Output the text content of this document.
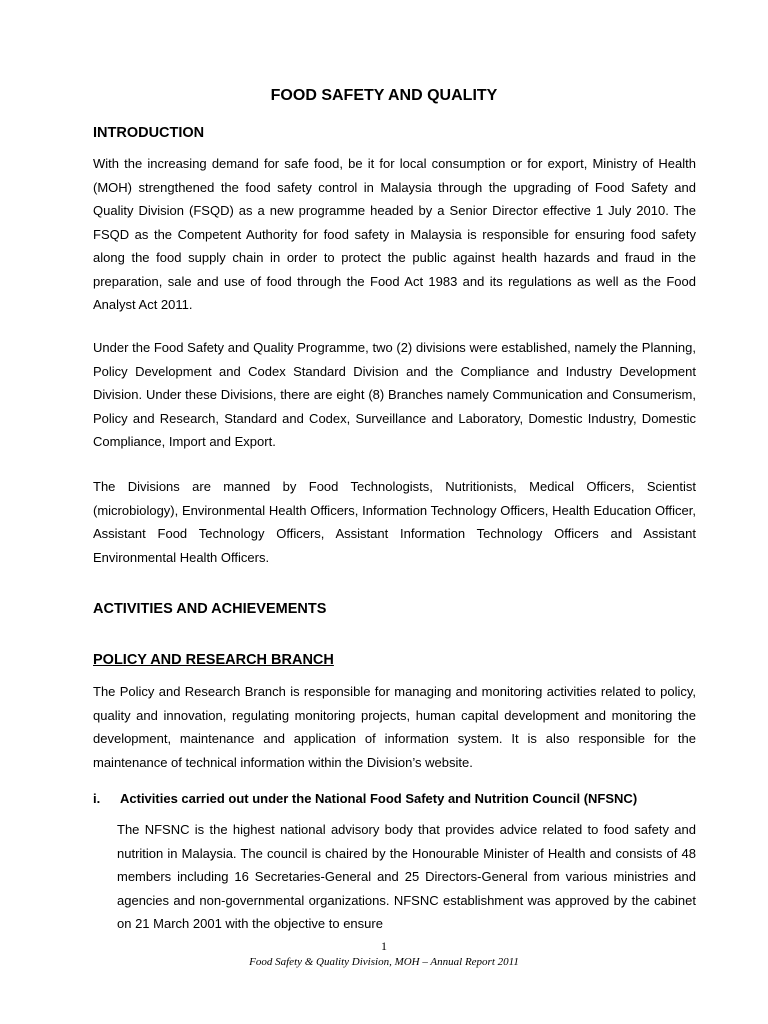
FOOD SAFETY AND QUALITY
INTRODUCTION

With the increasing demand for safe food, be it for local consumption or for export, Ministry of Health (MOH) strengthened the food safety control in Malaysia through the upgrading of Food Safety and Quality Division (FSQD) as a new programme headed by a Senior Director effective 1 July 2010. The FSQD as the Competent Authority for food safety in Malaysia is responsible for ensuring food safety along the food supply chain in order to protect the public against health hazards and fraud in the preparation, sale and use of food through the Food Act 1983 and its regulations as well as the Food Analyst Act 2011.

Under the Food Safety and Quality Programme, two (2) divisions were established, namely the Planning, Policy Development and Codex Standard Division and the Compliance and Industry Development Division. Under these Divisions, there are eight (8) Branches namely Communication and Consumerism, Policy and Research, Standard and Codex, Surveillance and Laboratory, Domestic Industry, Domestic Compliance, Import and Export.

The Divisions are manned by Food Technologists, Nutritionists, Medical Officers, Scientist (microbiology), Environmental Health Officers, Information Technology Officers, Health Education Officer, Assistant Food Technology Officers, Assistant Information Technology Officers and Assistant Environmental Health Officers.

ACTIVITIES AND ACHIEVEMENTS
POLICY AND RESEARCH BRANCH

The Policy and Research Branch is responsible for managing and monitoring activities related to policy, quality and innovation, regulating monitoring projects, human capital development and monitoring the development, maintenance and application of information system. It is also responsible for the maintenance of technical information within the Division’s website.

i. Activities carried out under the National Food Safety and Nutrition Council (NFSNC)

The NFSNC is the highest national advisory body that provides advice related to food safety and nutrition in Malaysia. The council is chaired by the Honourable Minister of Health and consists of 48 members including 16 Secretaries-General and 25 Directors-General from various ministries and agencies and non-governmental organizations. NFSNC establishment was approved by the cabinet on 21 March 2001 with the objective to ensure

1
Food Safety & Quality Division, MOH – Annual Report 2011
